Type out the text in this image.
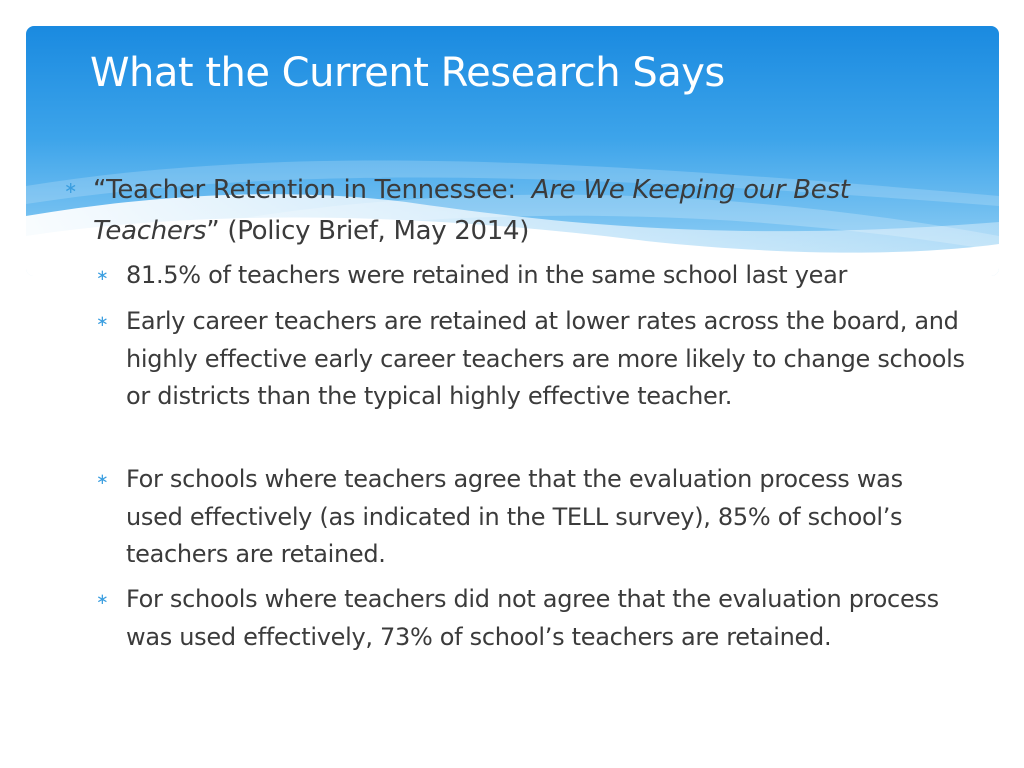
What the Current Research Says
∗ “Teacher Retention in Tennessee: Are We Keeping our Best
Teachers” (Policy Brief, May 2014)
∗ 81.5% of teachers were retained in the same school last year
∗ Early career teachers are retained at lower rates across the board, and highly effective early career teachers are more likely to change schools or districts than the typical highly effective teacher.
∗ For schools where teachers agree that the evaluation process was used effectively (as indicated in the TELL survey), 85% of school’s teachers are retained.
∗ For schools where teachers did not agree that the evaluation process was used effectively, 73% of school’s teachers are retained.
